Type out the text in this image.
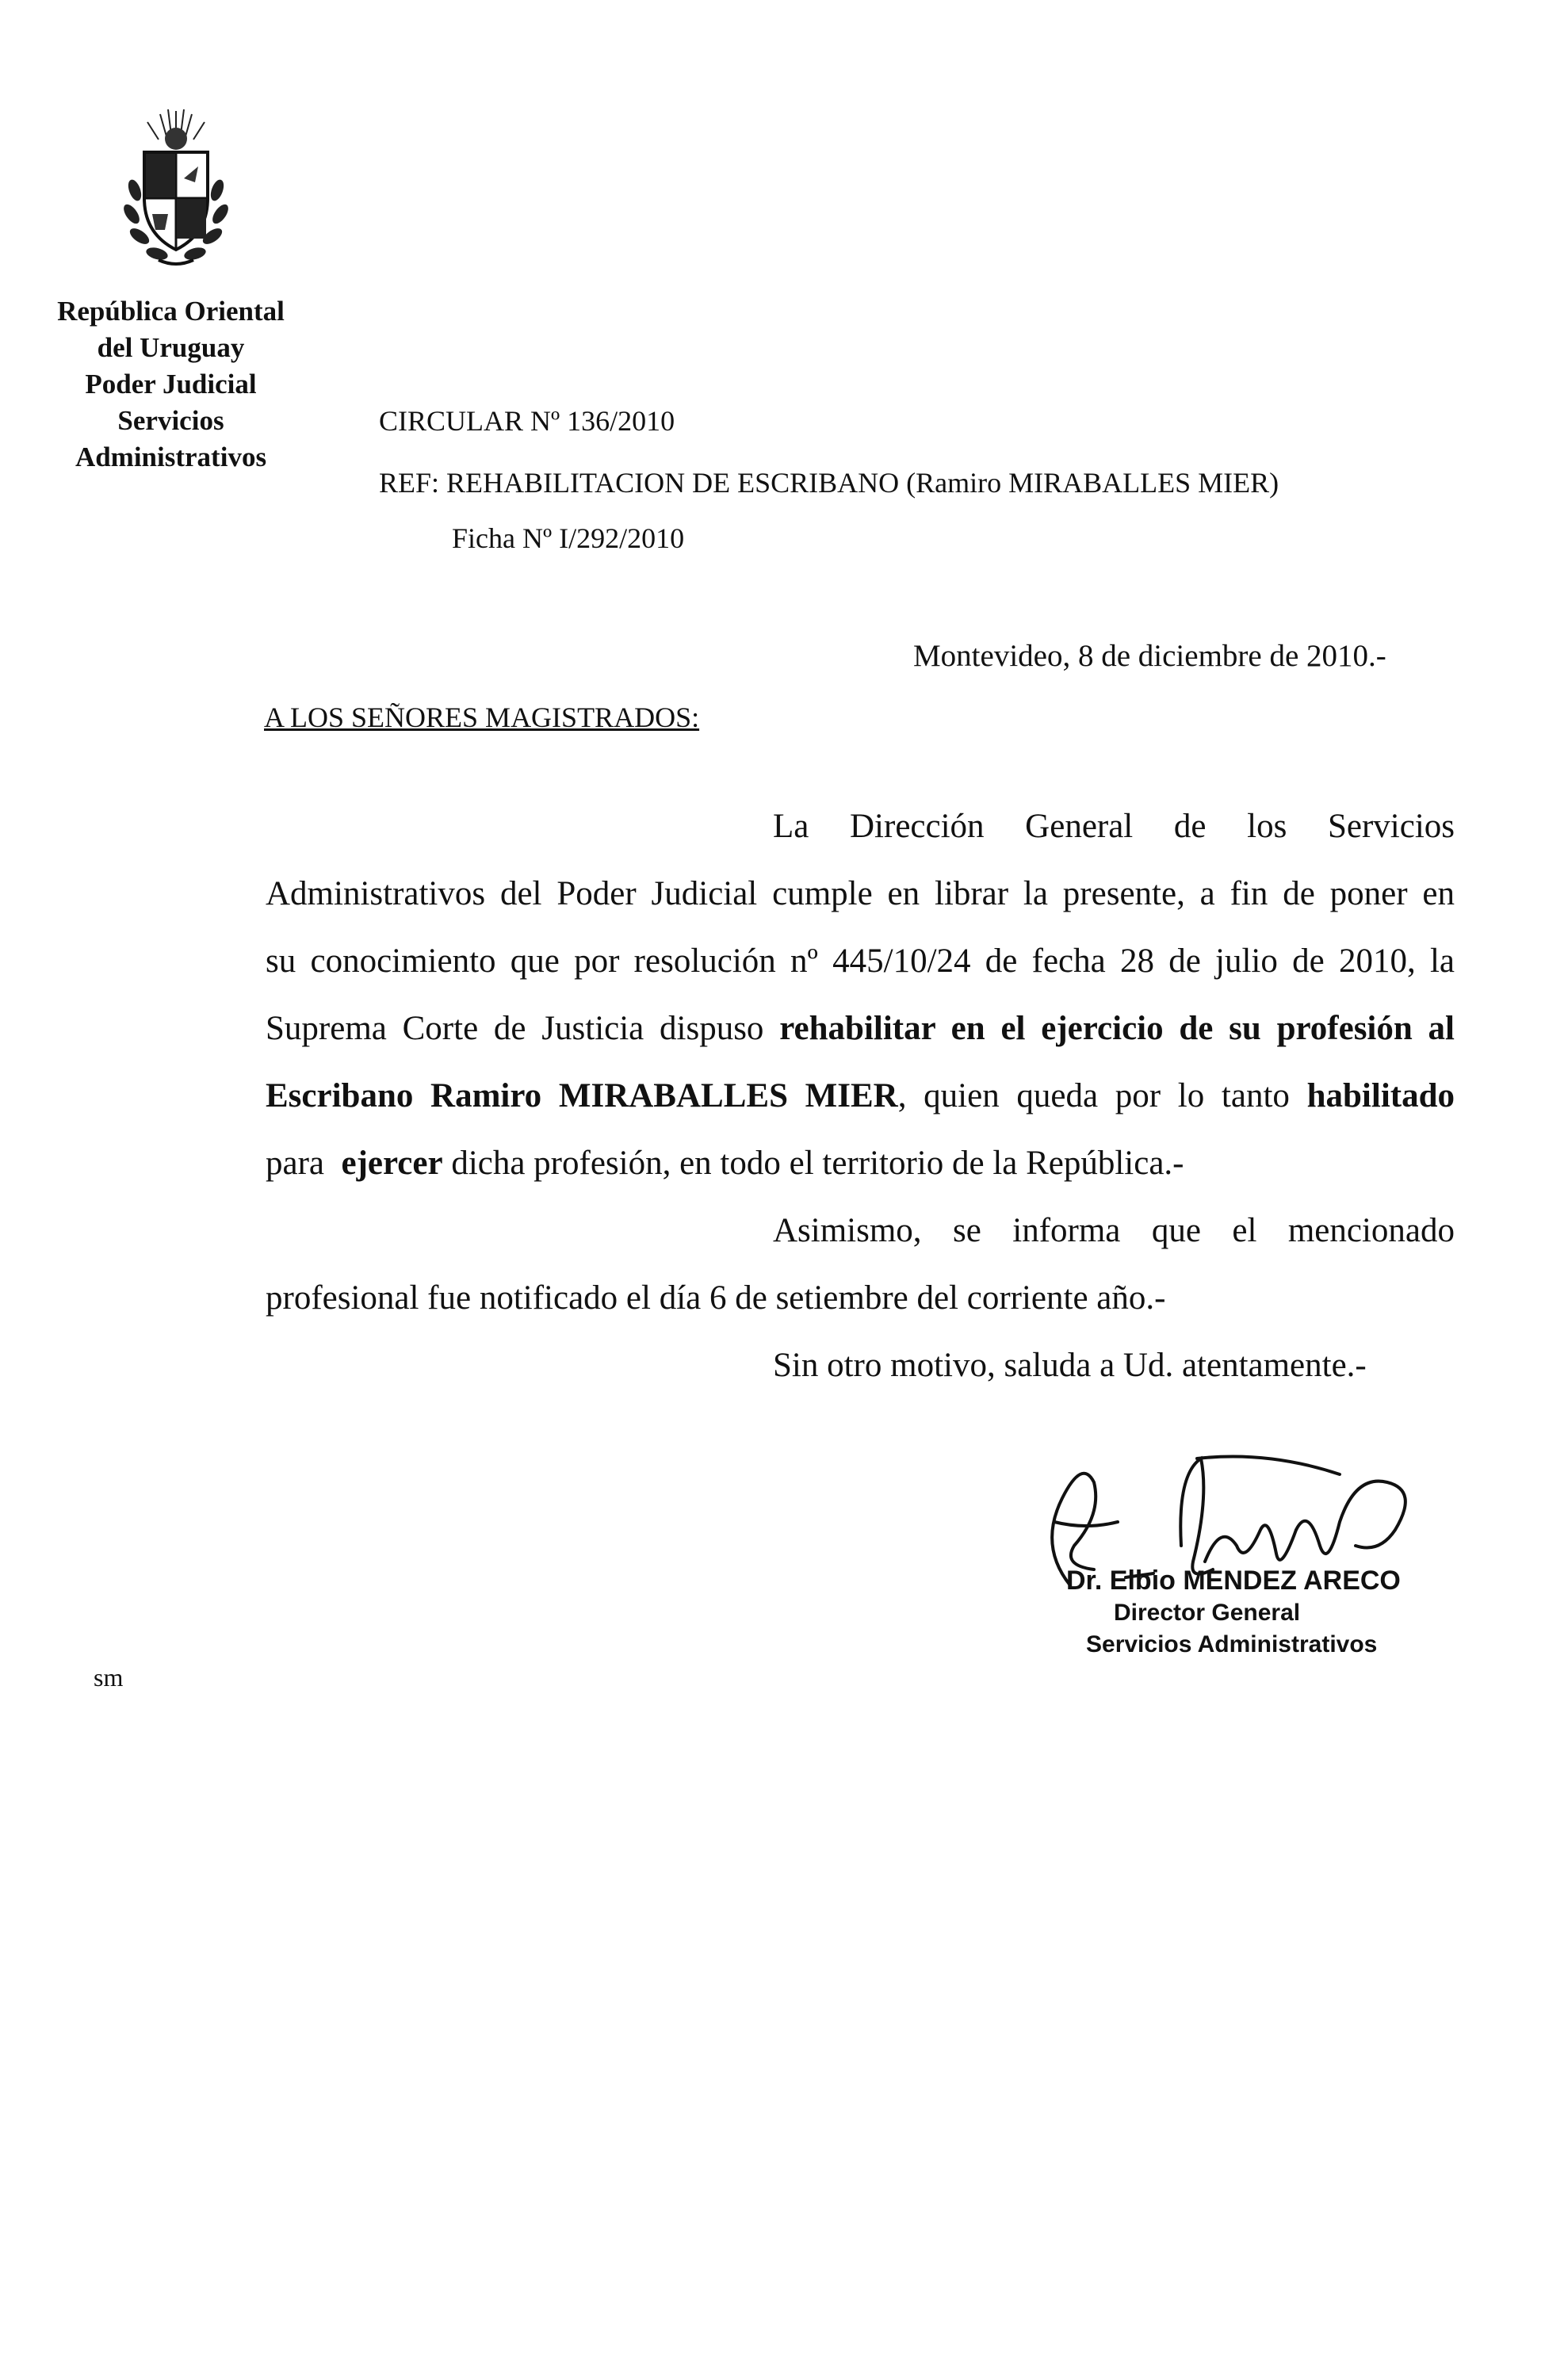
República Oriental
del Uruguay
Poder Judicial
Servicios
Administrativos
CIRCULAR Nº 136/2010
REF: REHABILITACION DE ESCRIBANO (Ramiro MIRABALLES MIER)
Ficha Nº I/292/2010
Montevideo, 8 de diciembre de 2010.-
A LOS SEÑORES MAGISTRADOS:
La Dirección General de los Servicios
Administrativos del Poder Judicial cumple en librar la presente, a fin de poner en
su conocimiento que por resolución nº 445/10/24 de fecha 28 de julio de 2010, la
Suprema Corte de Justicia dispuso rehabilitar en el ejercicio de su profesión al
Escribano Ramiro MIRABALLES MIER, quien queda por lo tanto habilitado
para  ejercer dicha profesión, en todo el territorio de la República.-
Asimismo, se informa que el mencionado
profesional fue notificado el día 6 de setiembre del corriente año.-
Sin otro motivo, saluda a Ud. atentamente.-
Dr. Elbio MENDEZ ARECO
Director General
Servicios Administrativos
sm
